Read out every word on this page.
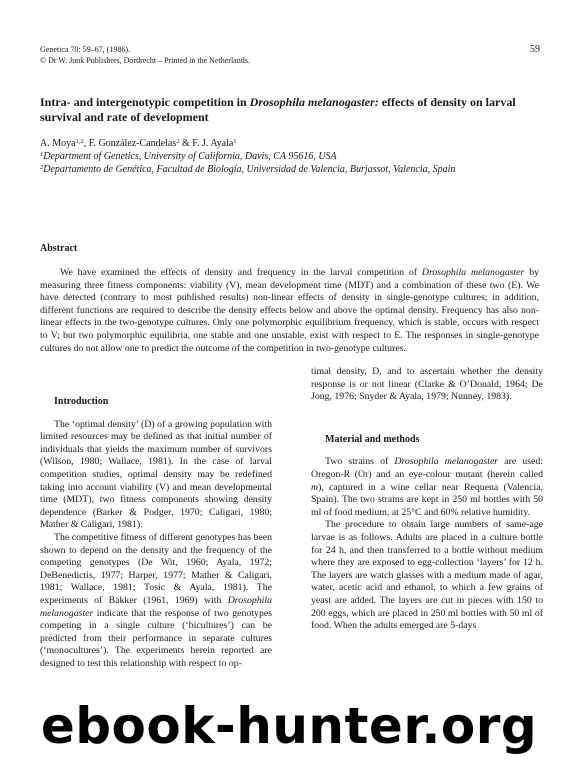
Genetica 70: 59–67, (1986).
© Dr W. Junk Publishers, Dordrecht – Printed in the Netherlands.
59
Intra- and intergenotypic competition in Drosophila melanogaster: effects of density on larval survival and rate of development
A. Moya$^{1,2}$, F. González-Candelas$^2$ & F. J. Ayala$^1$
$^1$Department of Genetics, University of California, Davis, CA 95616, USA
$^2$Departamento de Genética, Facultad de Biología, Universidad de Valencia, Burjassot, Valencia, Spain
Abstract

We have examined the effects of density and frequency in the larval competition of Drosophila melanogaster by measuring three fitness components: viability (V), mean development time (MDT) and a combination of these two (E). We have detected (contrary to most published results) non-linear effects of density in single-genotype cultures; in addition, different functions are required to describe the density effects below and above the optimal density. Frequency has also non-linear effects in the two-genotype cultures. Only one polymorphic equilibrium frequency, which is stable, occurs with respect to V; but two polymorphic equilibria, one stable and one unstable, exist with respect to E. The responses in single-genotype cultures do not allow one to predict the outcome of the competition in two-genotype cultures.

Introduction

The ‘optimal density’ (D) of a growing population with limited resources may be defined as that initial number of individuals that yields the maximum number of survivors (Wilson, 1980; Wallace, 1981). In the case of larval competition studies, optimal density may be redefined taking into account viability (V) and mean developmental time (MDT), two fitness components showing density dependence (Barker & Podger, 1970; Caligari, 1980; Mather & Caligari, 1981).

The competitive fitness of different genotypes has been shown to depend on the density and the frequency of the competing genotypes (De Wit, 1960; Ayala, 1972; DeBenedictis, 1977; Harper, 1977; Mather & Caligari, 1981; Wallace, 1981; Tosic & Ayala, 1981). The experiments of Bakker (1961, 1969) with Drosophila melanogaster indicate that the response of two genotypes competing in a single culture (‘bicultures’) can be predicted from their performance in separate cultures (‘monocultures’). The experiments herein reported are designed to test this relationship with respect to op-

timal density, D, and to ascertain whether the density response is or not linear (Clarke & O’Donald, 1964; De Jong, 1976; Snyder & Ayala, 1979; Nunney, 1983).

Material and methods

Two strains of Drosophila melanogaster are used: Oregon-R (Or) and an eye-colour mutant (herein called m), captured in a wine cellar near Requena (Valencia, Spain). The two strains are kept in 250 ml bottles with 50 ml of food medium, at 25°C and 60% relative humidity.

The procedure to obtain large numbers of same-age larvae is as follows. Adults are placed in a culture bottle for 24 h, and then transferred to a bottle without medium where they are exposed to egg-collection ‘layers’ for 12 h. The layers are watch glasses with a medium made of agar, water, acetic acid and ethanol, to which a few grains of yeast are added. The layers are cut in pieces with 150 to 200 eggs, which are placed in 250 ml bottles with 50 ml of food. When the adults emerged are 5-days

ebook-hunter.org
